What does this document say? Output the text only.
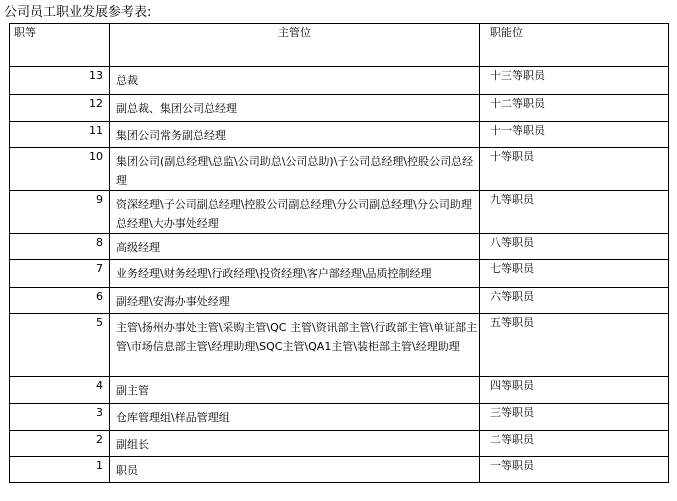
公司员工职业发展参考表:
职等	主管位	职能位
13	总裁	十三等职员
12	副总裁、集团公司总经理	十二等职员
11	集团公司常务副总经理	十一等职员
10	集团公司(副总经理\总监\公司助总\公司总助)\子公司总经理\控股公司总经理	十等职员
9	资深经理\子公司副总经理\控股公司副总经理\分公司副总经理\分公司助理总经理\大办事处经理	九等职员
8	高级经理	八等职员
7	业务经理\财务经理\行政经理\投资经理\客户部经理\品质控制经理	七等职员
6	副经理\安海办事处经理	六等职员
5	主管\扬州办事处主管\采购主管\QC 主管\资讯部主管\行政部主管\单证部主管\市场信息部主管\经理助理\SQC主管\QA1主管\装柜部主管\经理助理	五等职员
4	副主管	四等职员
3	仓库管理组\样品管理组	三等职员
2	副组长	二等职员
1	职员	一等职员
